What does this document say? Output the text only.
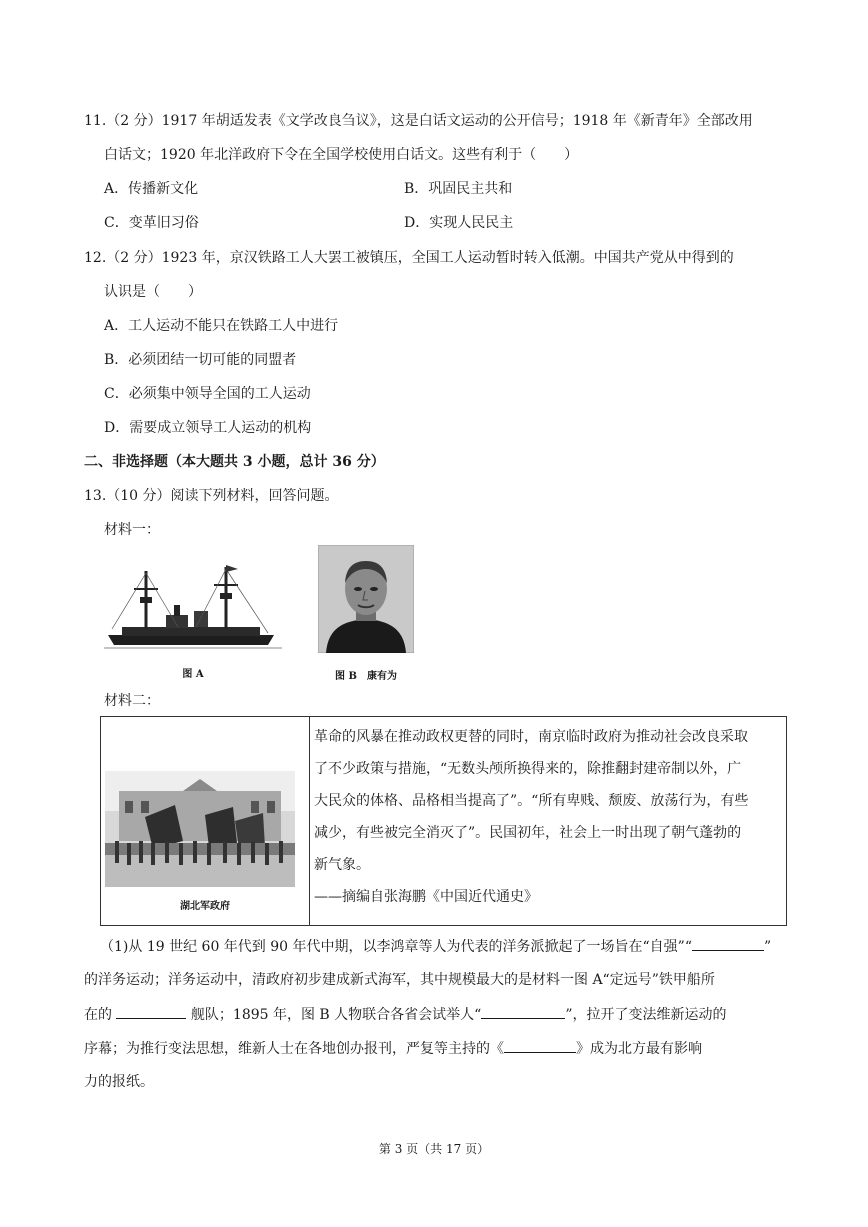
11.（2 分）1917 年胡适发表《文学改良刍议》，这是白话文运动的公开信号；1918 年《新青年》全部改用
白话文；1920 年北洋政府下令在全国学校使用白话文。这些有利于（　　）
A．传播新文化	B．巩固民主共和
C．变革旧习俗	D．实现人民民主
12.（2 分）1923 年，京汉铁路工人大罢工被镇压，全国工人运动暂时转入低潮。中国共产党从中得到的
认识是（　　）
A．工人运动不能只在铁路工人中进行
B．必须团结一切可能的同盟者
C．必须集中领导全国的工人运动
D．需要成立领导工人运动的机构
二、非选择题（本大题共 3 小题，总计 36 分）
13.（10 分）阅读下列材料，回答问题。
材料一：
图 A	图 B　康有为
材料二：
湖北军政府

革命的风暴在推动政权更替的同时，南京临时政府为推动社会改良采取
了不少政策与措施，“无数头颅所换得来的，除推翻封建帝制以外，广
大民众的体格、品格相当提高了”。“所有卑贱、颓废、放荡行为，有些
减少，有些被完全消灭了”。民国初年，社会上一时出现了朝气蓬勃的
新气象。
——摘编自张海鹏《中国近代通史》
（1)从 19 世纪 60 年代到 90 年代中期，以李鸿章等人为代表的洋务派掀起了一场旨在“自强”“	”
的洋务运动；洋务运动中，清政府初步建成新式海军，其中规模最大的是材料一图 A“定远号”铁甲船所
在的	舰队；1895 年，图 B 人物联合各省会试举人“	”，拉开了变法维新运动的
序幕；为推行变法思想，维新人士在各地创办报刊，严复等主持的《	》成为北方最有影响
力的报纸。
第 3 页（共 17 页）
